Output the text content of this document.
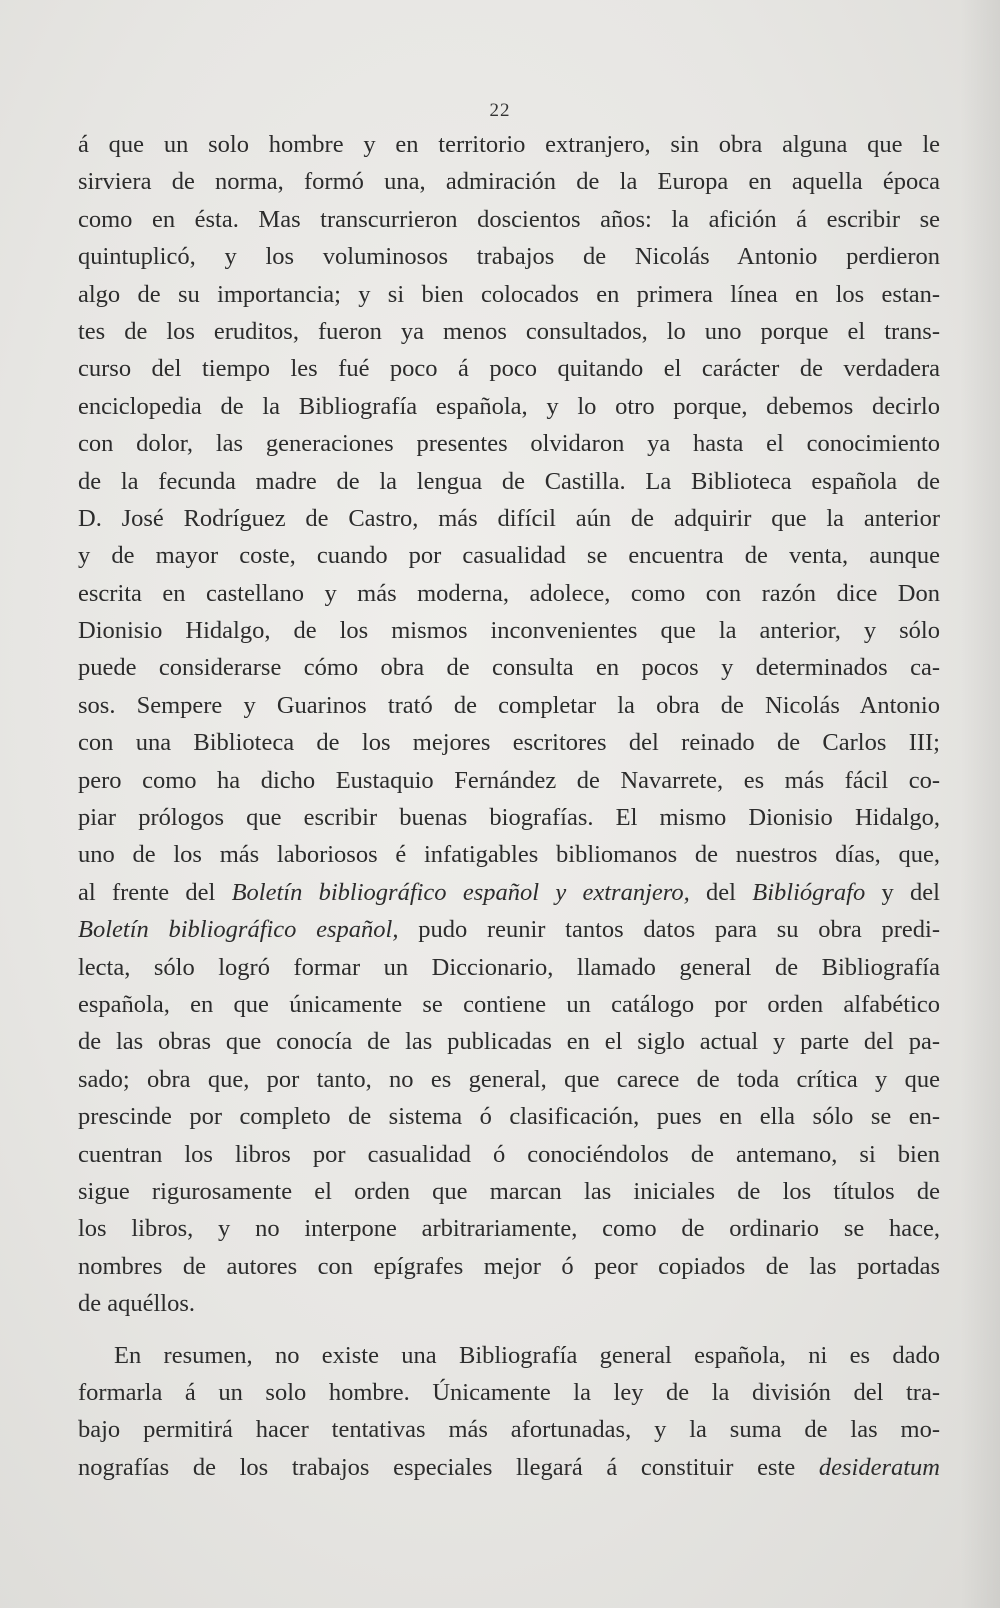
22
á que un solo hombre y en territorio extranjero, sin obra alguna que le
sirviera de norma, formó una, admiración de la Europa en aquella época
como en ésta. Mas transcurrieron doscientos años: la afición á escribir se
quintuplicó, y los voluminosos trabajos de Nicolás Antonio perdieron
algo de su importancia; y si bien colocados en primera línea en los estan-
tes de los eruditos, fueron ya menos consultados, lo uno porque el trans-
curso del tiempo les fué poco á poco quitando el carácter de verdadera
enciclopedia de la Bibliografía española, y lo otro porque, debemos decirlo
con dolor, las generaciones presentes olvidaron ya hasta el conocimiento
de la fecunda madre de la lengua de Castilla. La Biblioteca española de
D. José Rodríguez de Castro, más difícil aún de adquirir que la anterior
y de mayor coste, cuando por casualidad se encuentra de venta, aunque
escrita en castellano y más moderna, adolece, como con razón dice Don
Dionisio Hidalgo, de los mismos inconvenientes que la anterior, y sólo
puede considerarse cómo obra de consulta en pocos y determinados ca-
sos. Sempere y Guarinos trató de completar la obra de Nicolás Antonio
con una Biblioteca de los mejores escritores del reinado de Carlos III;
pero como ha dicho Eustaquio Fernández de Navarrete, es más fácil co-
piar prólogos que escribir buenas biografías. El mismo Dionisio Hidalgo,
uno de los más laboriosos é infatigables bibliomanos de nuestros días, que,
al frente del Boletín bibliográfico español y extranjero, del Bibliógrafo y del
Boletín bibliográfico español, pudo reunir tantos datos para su obra predi-
lecta, sólo logró formar un Diccionario, llamado general de Bibliografía
española, en que únicamente se contiene un catálogo por orden alfabético
de las obras que conocía de las publicadas en el siglo actual y parte del pa-
sado; obra que, por tanto, no es general, que carece de toda crítica y que
prescinde por completo de sistema ó clasificación, pues en ella sólo se en-
cuentran los libros por casualidad ó conociéndolos de antemano, si bien
sigue rigurosamente el orden que marcan las iniciales de los títulos de
los libros, y no interpone arbitrariamente, como de ordinario se hace,
nombres de autores con epígrafes mejor ó peor copiados de las portadas
de aquéllos.
En resumen, no existe una Bibliografía general española, ni es dado
formarla á un solo hombre. Únicamente la ley de la división del tra-
bajo permitirá hacer tentativas más afortunadas, y la suma de las mo-
nografías de los trabajos especiales llegará á constituir este desideratum
